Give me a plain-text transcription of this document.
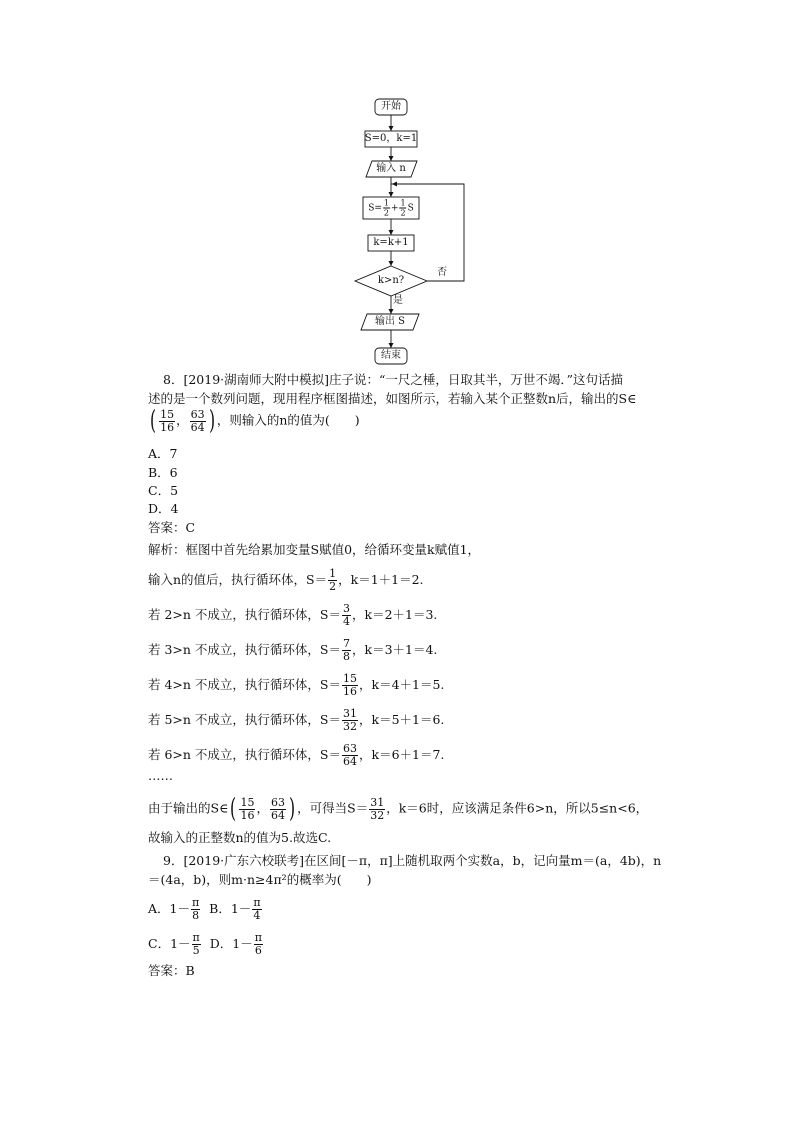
开始
S=0，k=1
输入 n
$S= \frac{1}{2} + \frac{1}{2}$ S
k=k+1
k>n?
否
是
输出 S
结束
8．[2019·湖南师大附中模拟]庄子说：“一尺之棰，日取其半，万世不竭．”这句话描
述的是一个数列问题，现用程序框图描述，如图所示，若输入某个正整数n后，输出的S∈
( $\frac{15}{16}$ ， $\frac{63}{64}$ ) ，则输入的n的值为(　　)
A．7
B．6
C．5
D．4
答案：C
解析：框图中首先给累加变量S赋值0，给循环变量k赋值1，
输入n的值后，执行循环体，$S= \frac{1}{2}$ ，k＝1＋1＝2.
若 2>n 不成立，执行循环体，$S= \frac{3}{4}$ ，k＝2＋1＝3.
若 3>n 不成立，执行循环体，$S= \frac{7}{8}$ ，k＝3＋1＝4.
若 4>n 不成立，执行循环体，$S= \frac{15}{16}$ ，k＝4＋1＝5.
若 5>n 不成立，执行循环体，$S= \frac{31}{32}$ ，k＝5＋1＝6.
若 6>n 不成立，执行循环体，$S= \frac{63}{64}$ ，k＝6＋1＝7.
……
由于输出的S∈( $\frac{15}{16}$ ， $\frac{63}{64}$ ) ，可得当$S= \frac{31}{32}$ ，k＝6时，应该满足条件6>n，所以5≤n<6，
故输入的正整数n的值为5.故选C.
9．[2019·广东六校联考]在区间[－π，π]上随机取两个实数a，b，记向量m＝(a，4b)，n
＝(4a，b)，则m·n≥4π²的概率为(　　)
A．$1- \frac{\pi}{8}$ B．$1- \frac{\pi}{4}$
C．$1- \frac{\pi}{5}$ D．$1- \frac{\pi}{6}$
答案：B
